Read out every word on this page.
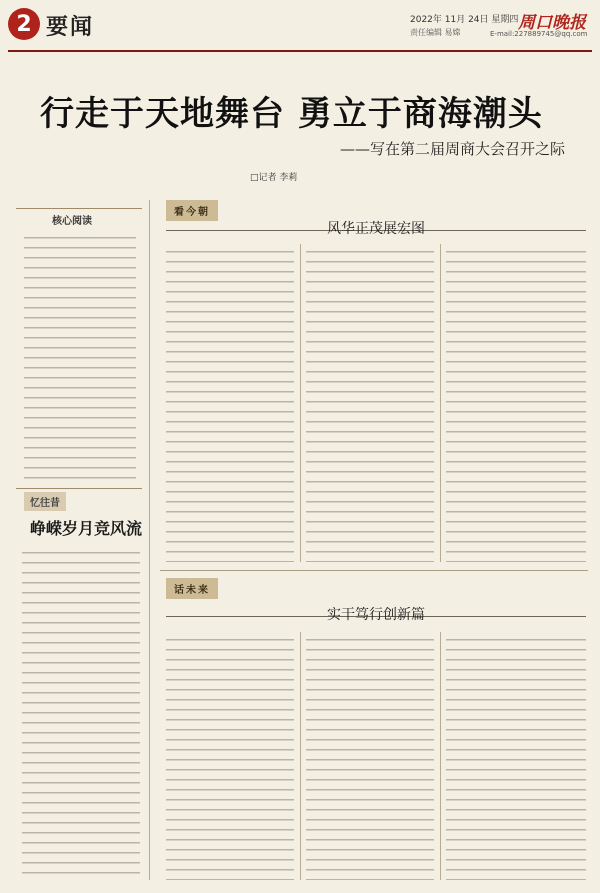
2 要闻	2022年 11月 24日 星期四
责任编辑 易嫦	周口晚报
E-mail:227889745@qq.com
行走于天地舞台 勇立于商海潮头
——写在第二届周商大会召开之际
□记者 李莉
核心阅读
忆往昔
峥嵘岁月竞风流
看今朝
风华正茂展宏图
话未来
实干笃行创新篇
